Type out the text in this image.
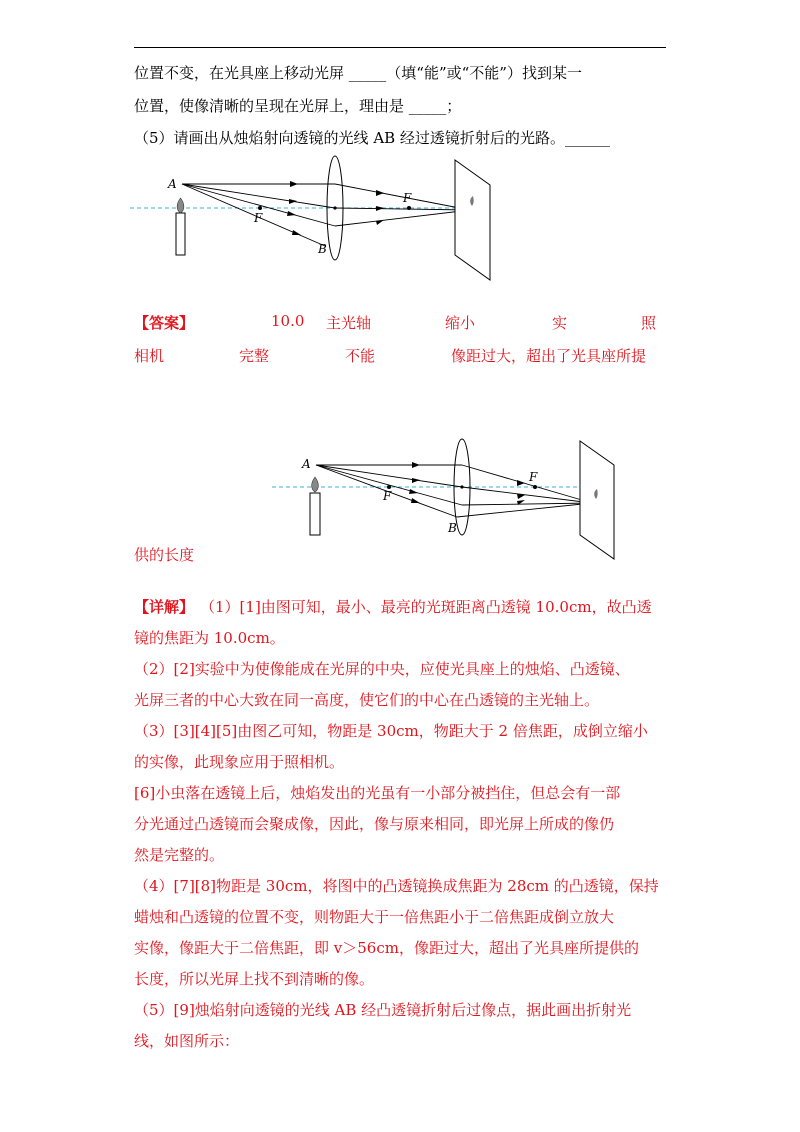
位置不变，在光具座上移动光屏 _____（填“能”或“不能”）找到某一
位置，使像清晰的呈现在光屏上，理由是 _____；
（5）请画出从烛焰射向透镜的光线 AB 经过透镜折射后的光路。______
A
F
F
B
【答案】	10.0 主光轴	缩小	实	照
相机	完整	不能	像距过大，超出了光具座所提
A
F
F
B
供的长度
【详解】 （1）[1]由图可知，最小、最亮的光斑距离凸透镜 10.0cm，故凸透
镜的焦距为 10.0cm。
（2）[2]实验中为使像能成在光屏的中央，应使光具座上的烛焰、凸透镜、
光屏三者的中心大致在同一高度，使它们的中心在凸透镜的主光轴上。
（3）[3][4][5]由图乙可知，物距是 30cm，物距大于 2 倍焦距，成倒立缩小
的实像，此现象应用于照相机。
[6]小虫落在透镜上后，烛焰发出的光虽有一小部分被挡住，但总会有一部
分光通过凸透镜而会聚成像，因此，像与原来相同，即光屏上所成的像仍
然是完整的。
（4）[7][8]物距是 30cm，将图中的凸透镜换成焦距为 28cm 的凸透镜，保持
蜡烛和凸透镜的位置不变，则物距大于一倍焦距小于二倍焦距成倒立放大
实像，像距大于二倍焦距，即 v＞56cm，像距过大，超出了光具座所提供的
长度，所以光屏上找不到清晰的像。
（5）[9]烛焰射向透镜的光线 AB 经凸透镜折射后过像点，据此画出折射光
线，如图所示：
